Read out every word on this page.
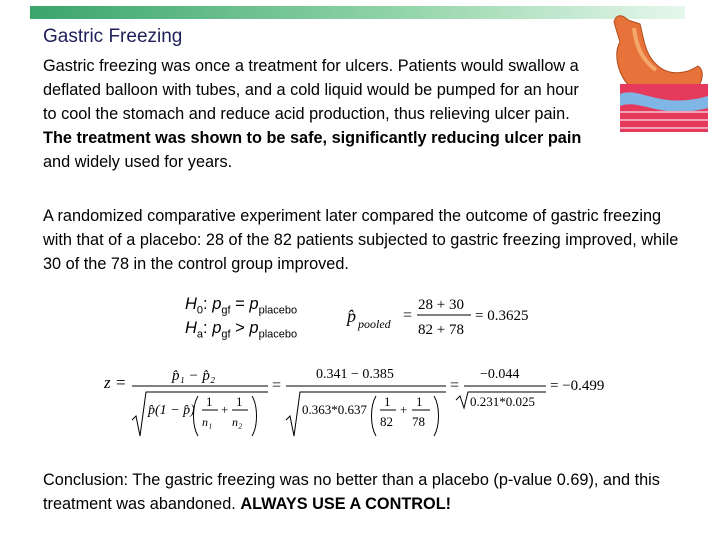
Gastric Freezing
Gastric freezing was once a treatment for ulcers. Patients would swallow a deflated balloon with tubes, and a cold liquid would be pumped for an hour to cool the stomach and reduce acid production, thus relieving ulcer pain. The treatment was shown to be safe, significantly reducing ulcer pain and widely used for years.
A randomized comparative experiment later compared the outcome of gastric freezing with that of a placebo: 28 of the 82 patients subjected to gastric freezing improved, while 30 of the 78 in the control group improved.
$H_0$: $p_{gf} = p_{placebo}$
$H_a$: $p_{gf} > p_{placebo}$
p̂ pooled =
28 + 30
82 + 78
= 0.3625
z =	p̂₁ − p̂₂
p̂(1 − p̂)
1
n₁
+
1
n₂
=
0.341 − 0.385
0.363*0.637
1
82
+
1
78
=
−0.044
0.231*0.025
= −0.499
Conclusion: The gastric freezing was no better than a placebo (p-value 0.69), and this treatment was abandoned. ALWAYS USE A CONTROL!
